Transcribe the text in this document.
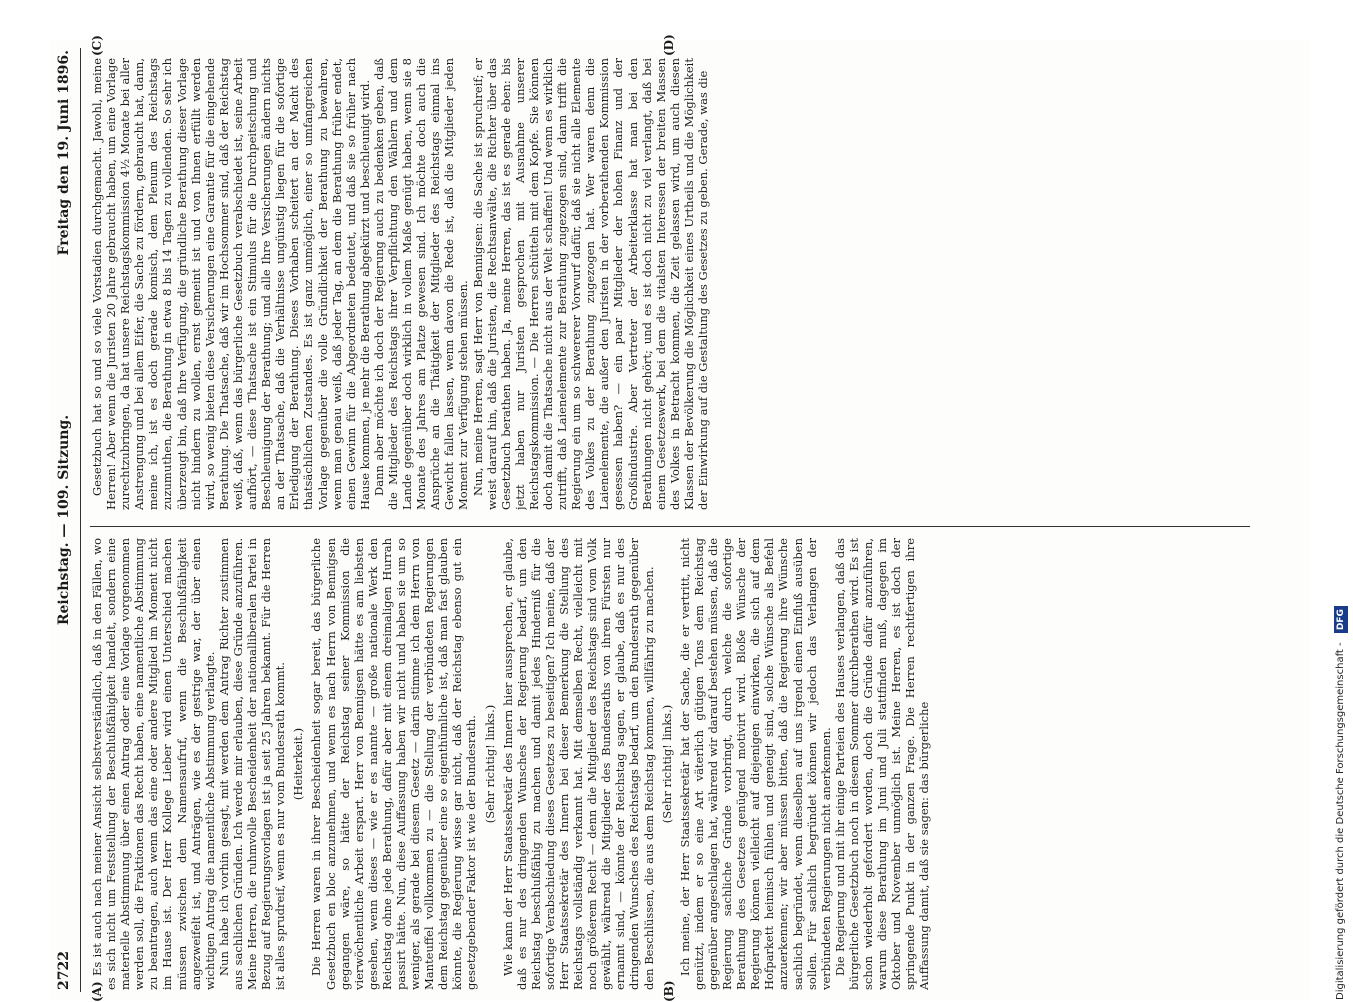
2722
Reichstag. — 109. Sitzung.
Freitag den 19. Juni 1896.
(A)	(B)
(C)	(D)

Es ist auch nach meiner Ansicht selbstverständlich, daß in den Fällen, wo es sich nicht um Feststellung der Beschlußfähigkeit handelt, sondern eine materielle Abstimmung über einen Antrag oder eine Vorlage vorgenommen werden soll, die Fraktionen das Recht haben, eine namentliche Abstimmung zu beantragen, auch wenn das eine oder andere Mitglied im Moment nicht im Hause ist. Der Herr Kollege Lieber wird einen Unterschied machen müssen zwischen dem Namensaufruf, wenn die Beschlußfähigkeit angezweifelt ist, und Anträgen, wie es der gestrige war, der über einen wichtigen Antrag die namentliche Abstimmung verlangte. Nun habe ich vorhin gesagt, mit werden dem Antrag Richter zustimmen aus sachlichen Gründen. Ich werde mir erlauben, diese Gründe anzuführen. Meine Herren, die ruhmvolle Bescheidenheit der nationalliberalen Partei in Bezug auf Regierungsvorlagen ist ja seit 25 Jahren bekannt. Für die Herren ist alles sprudreif, wenn es nur vom Bundesrath kommt. (Heiterkeit.) Die Herren waren in ihrer Bescheidenheit sogar bereit, das bürgerliche Gesetzbuch en bloc anzunehmen, und wenn es nach Herrn von Bennigsen gegangen wäre, so hätte der Reichstag seiner Kommission die vierwöchentliche Arbeit erspart. Herr von Bennigsen hätte es am liebsten gesehen, wenn dieses — wie er es nannte — große nationale Werk den Reichstag ohne jede Berathung, dafür aber mit einem dreimaligen Hurrah passirt hätte. Nun, diese Auffassung haben wir nicht und haben sie um so weniger, als gerade bei diesem Gesetz — darin stimme ich dem Herrn von Manteuffel vollkommen zu — die Stellung der verbündeten Regierungen dem Reichstag gegenüber eine so eigenthümliche ist, daß man fast glauben könnte, die Regierung wisse gar nicht, daß der Reichstag ebenso gut ein gesetzgebender Faktor ist wie der Bundesrath. (Sehr richtig! links.) Wie kann der Herr Staatssekretär des Innern hier aussprechen, er glaube, daß es nur des dringenden Wunsches der Regierung bedarf, um den Reichstag beschlußfähig zu machen und damit jedes Hinderniß für die sofortige Verabschiedung dieses Gesetzes zu beseitigen? Ich meine, daß der Herr Staatssekretär des Innern bei dieser Bemerkung die Stellung des Reichstags vollständig verkannt hat. Mit demselben Recht, vielleicht mit noch größerem Recht — denn die Mitglieder des Reichstags sind vom Volk gewählt, während die Mitglieder des Bundesraths von ihren Fürsten nur ernannt sind, — könnte der Reichstag sagen, er glaube, daß es nur des dringenden Wunsches des Reichstags bedarf, um den Bundesrath gegenüber den Beschlüssen, die aus dem Reichstag kommen, willfährig zu machen. (Sehr richtig! links.) Ich meine, der Herr Staatssekretär hat der Sache, die er vertritt, nicht genützt, indem er so eine Art väterlich gütigen Tons dem Reichstag gegenüber angeschlagen hat, während wir darauf bestehen müssen, daß die Regierung sachliche Gründe vorbringt, durch welche die sofortige Berathung des Gesetzes genügend motivirt wird. Bloße Wünsche der Regierung können vielleicht auf diejenigen einwirken, die sich auf dem Hofparkett heimisch fühlen und geneigt sind, solche Wünsche als Befehl anzuerkennen; wir aber müssen bitten, daß die Regierung ihre Wünsche sachlich begründet, wenn dieselben auf uns irgend einen Einfluß ausüben sollen. Für sachlich begründet können wir jedoch das Verlangen der verbündeten Regierungen nicht anerkennen. Die Regierung und mit ihr einige Parteien des Hauses verlangen, daß das bürgerliche Gesetzbuch noch in diesem Sommer durchberathen wird. Es ist schon wiederholt gefordert worden, doch die Gründe dafür anzuführen, warum diese Berathung im Juni und Juli stattfinden muß, dagegen im Oktober und November unmöglich ist. Meine Herren, es ist doch der springende Punkt in der ganzen Frage. Die Herren rechtfertigen ihre Auffassung damit, daß sie sagen: das bürgerliche

Gesetzbuch hat so und so viele Vorstadien durchgemacht. Jawohl, meine Herren! Aber wenn die Juristen 20 Jahre gebraucht haben, um eine Vorlage zurechtzubringen, da hat unsere Reichstagskommission 4½ Monate bei aller Anstrengung und bei allem Eifer, die Sache zu fördern, gebraucht hat, dann, meine ich, ist es doch gerade komisch, dem Plenum des Reichstags zuzumuthen, die Berathung in etwa 8 bis 14 Tagen zu vollenden. So sehr ich überzeugt bin, daß Ihre Verfügung, die gründliche Berathung dieser Vorlage nicht hindern zu wollen, ernst gemeint ist und von Ihnen erfüllt werden wird, so wenig bieten diese Versicherungen eine Garantie für die eingehende Berathung. Die Thatsache, daß wir im Hochsommer sind, daß der Reichstag weiß, daß, wenn das bürgerliche Gesetzbuch verabschiedet ist, seine Arbeit aufhört, — diese Thatsache ist ein Stimulus für die Durchpeitschung und Beschleunigung der Berathung; und alle Ihre Versicherungen ändern nichts an der Thatsache, daß die Verhältnisse ungünstig liegen für die sofortige Erledigung der Berathung. Dieses Vorhaben scheitert an der Macht des thatsächlichen Zustandes. Es ist ganz unmöglich, einer so umfangreichen Vorlage gegenüber die volle Gründlichkeit der Berathung zu bewahren, wenn man genau weiß, daß jeder Tag, an dem die Berathung früher endet, einen Gewinn für die Abgeordneten bedeutet, und daß sie so früher nach Hause kommen, je mehr die Berathung abgekürzt und beschleunigt wird. Dann aber möchte ich doch der Regierung auch zu bedenken geben, daß die Mitglieder des Reichstags ihrer Verpflichtung den Wählern und dem Lande gegenüber doch wirklich in vollem Maße genügt haben, wenn sie 8 Monate des Jahres am Platze gewesen sind. Ich möchte doch auch die Ansprüche an die Thätigkeit der Mitglieder des Reichstags einmal ins Gewicht fallen lassen, wenn davon die Rede ist, daß die Mitglieder jeden Moment zur Verfügung stehen müssen. Nun, meine Herren, sagt Herr von Bennigsen: die Sache ist spruchreif; er weist darauf hin, daß die Juristen, die Rechtsanwälte, die Richter über das Gesetzbuch berathen haben. Ja, meine Herren, das ist es gerade eben: bis jetzt haben nur Juristen gesprochen mit Ausnahme unserer Reichstagskommission. — Die Herren schütteln mit dem Kopfe. Sie können doch damit die Thatsache nicht aus der Welt schaffen! Und wenn es wirklich zutrifft, daß Laienelemente zur Berathung zugezogen sind, dann trifft die Regierung ein um so schwererer Vorwurf dafür, daß sie nicht alle Elemente des Volkes zu der Berathung zugezogen hat. Wer waren denn die Laienelemente, die außer den Juristen in der vorberathenden Kommission gesessen haben? — ein paar Mitglieder der hohen Finanz und der Großindustrie. Aber Vertreter der Arbeiterklasse hat man bei den Berathungen nicht gehört; und es ist doch nicht zu viel verlangt, daß bei einem Gesetzeswerk, bei dem die vitalsten Interessen der breiten Massen des Volkes in Betracht kommen, die Zeit gelassen wird, um auch diesen Klassen der Bevölkerung die Möglichkeit eines Urtheils und die Möglichkeit der Einwirkung auf die Gestaltung des Gesetzes zu geben. Gerade, was die

Digitalisierung gefördert durch die Deutsche Forschungsgemeinschaft - DFG
